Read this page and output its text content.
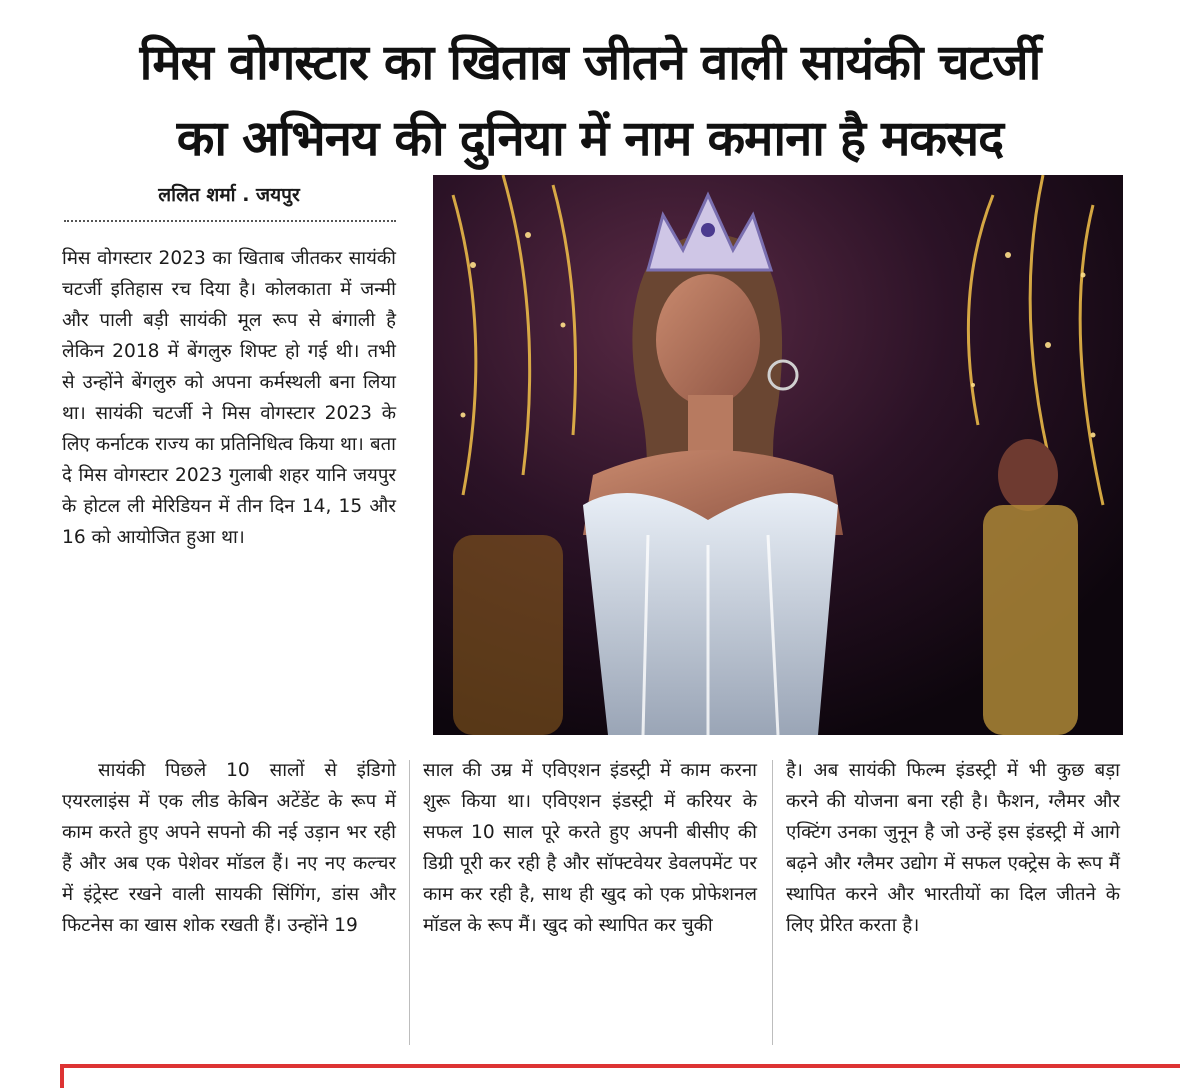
मिस वोगस्टार का खिताब जीतने वाली सायंकी चटर्जी
का अभिनय की दुनिया में नाम कमाना है मकसद
ललित शर्मा . जयपुर

मिस वोगस्टार 2023 का खिताब जीतकर सायंकी चटर्जी इतिहास रच दिया है। कोलकाता में जन्मी और पाली बड़ी सायंकी मूल रूप से बंगाली है लेकिन 2018 में बेंगलुरु शिफ्ट हो गई थी। तभी से उन्होंने बेंगलुरु को अपना कर्मस्थली बना लिया था। सायंकी चटर्जी ने मिस वोगस्टार 2023 के लिए कर्नाटक राज्य का प्रतिनिधित्व किया था। बता दे मिस वोगस्टार 2023 गुलाबी शहर यानि जयपुर के होटल ली मेरिडियन में तीन दिन 14, 15 और 16 को आयोजित हुआ था।

सायंकी पिछले 10 सालों से इंडिगो एयरलाइंस में एक लीड केबिन अटेंडेंट के रूप में काम करते हुए अपने सपनो की नई उड़ान भर रही हैं और अब एक पेशेवर मॉडल हैं। नए नए कल्चर में इंट्रेस्ट रखने वाली सायकी सिंगिंग, डांस और फिटनेस का खास शोक रखती हैं। उन्होंने 19

साल की उम्र में एविएशन इंडस्ट्री में काम करना शुरू किया था। एविएशन इंडस्ट्री में करियर के सफल 10 साल पूरे करते हुए अपनी बीसीए की डिग्री पूरी कर रही है और सॉफ्टवेयर डेवलपमेंट पर काम कर रही है, साथ ही खुद को एक प्रोफेशनल मॉडल के रूप मैं। खुद को स्थापित कर चुकी

है। अब सायंकी फिल्म इंडस्ट्री में भी कुछ बड़ा करने की योजना बना रही है। फैशन, ग्लैमर और एक्टिंग उनका जुनून है जो उन्हें इस इंडस्ट्री में आगे बढ़ने और ग्लैमर उद्योग में सफल एक्ट्रेस के रूप मैं स्थापित करने और भारतीयों का दिल जीतने के लिए प्रेरित करता है।
